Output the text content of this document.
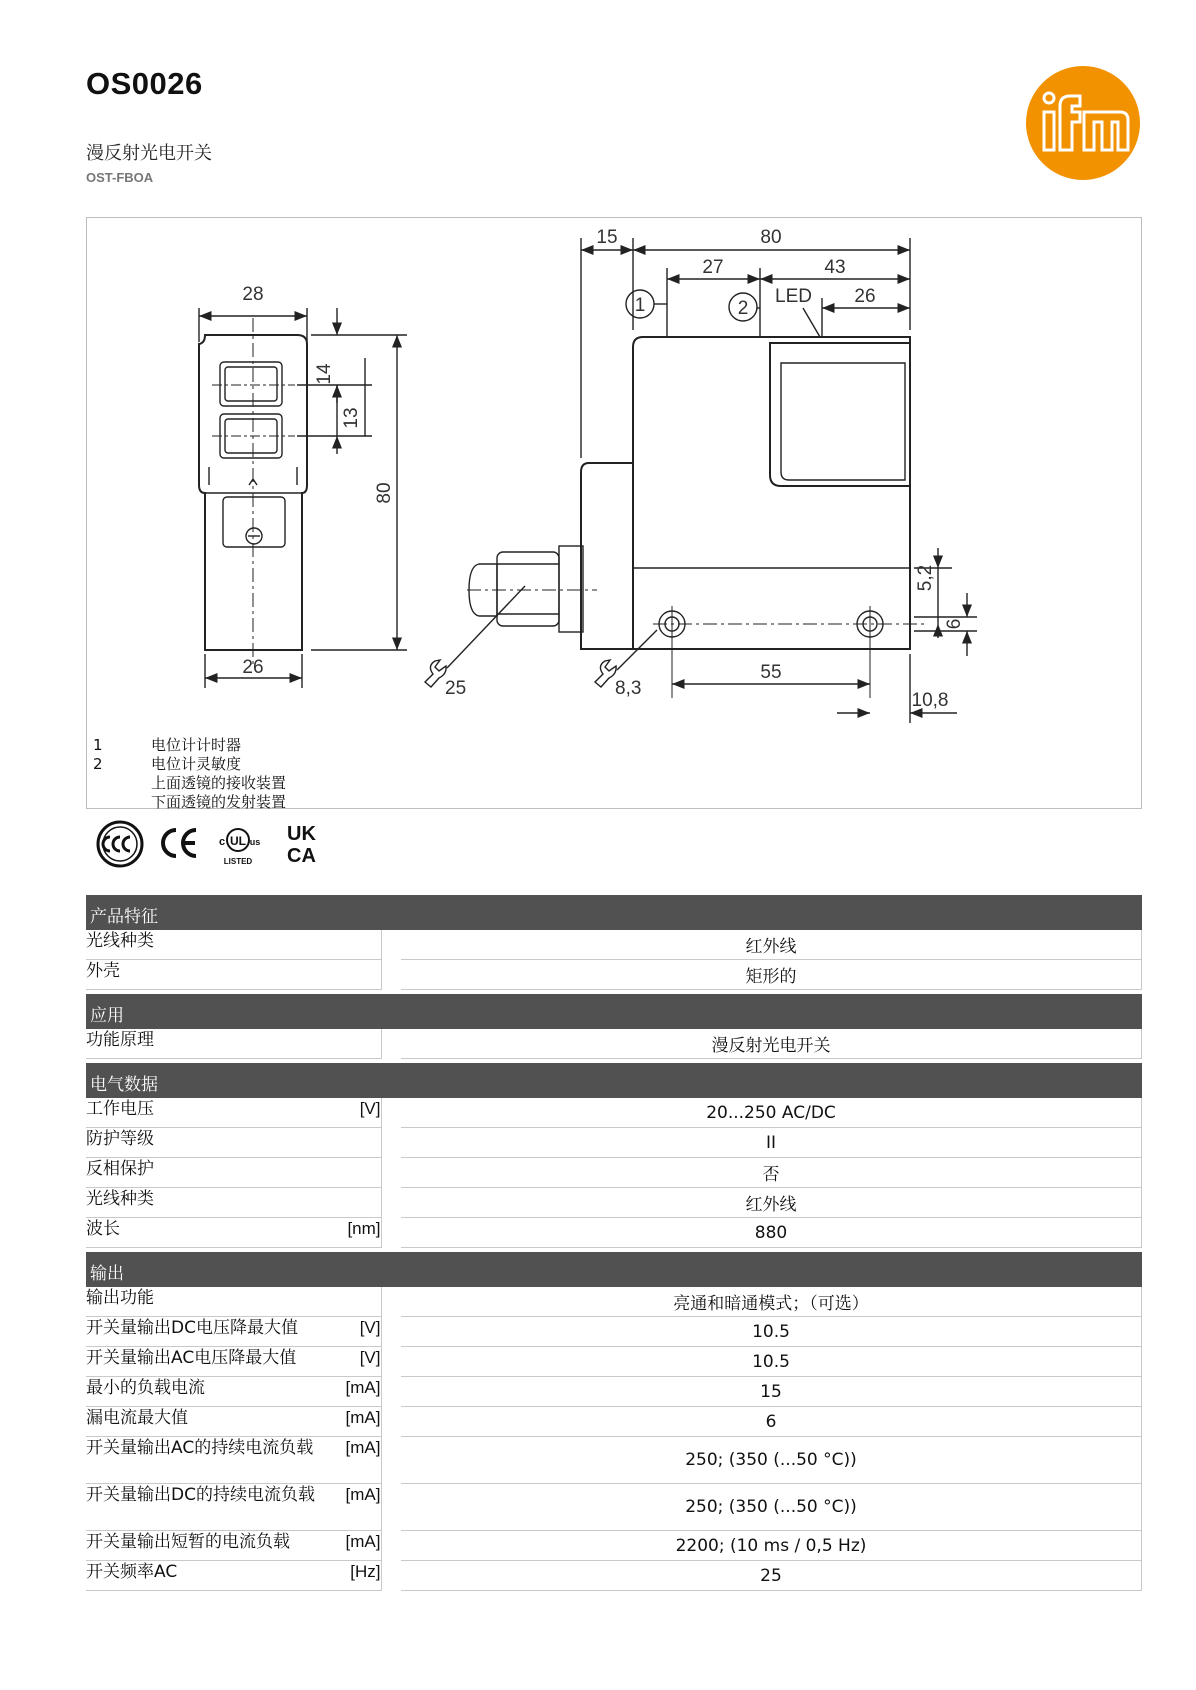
OS0026
漫反射光电开关
OST-FBOA
28
26
14
13
80
15	80
27	43
LED 26
1	2
5,2
6
55
10,8
25	8,3
1	电位计计时器
2	电位计灵敏度
上面透镜的接收装置
下面透镜的发射装置
UL
c	us
LISTED
UK
CA
产品特征		

光线种类		红外线

外壳		矩形的

应用		

功能原理		漫反射光电开关

电气数据		

工作电压 [V]		20...250 AC/DC

防护等级		II

反相保护		否

光线种类		红外线

波长 [nm]		880

输出		

输出功能		亮通和暗通模式；（可选）

开关量输出DC电压降最大值 [V]		10.5

开关量输出AC电压降最大值 [V]		10.5

最小的负载电流 [mA]		15

漏电流最大值 [mA]		6

开关量输出AC的持续电流负载 [mA]		250; (350 (...50 °C))

开关量输出DC的持续电流负载 [mA]		250; (350 (...50 °C))

开关量输出短暂的电流负载 [mA]		2200; (10 ms / 0,5 Hz)

开关频率AC [Hz]		25
